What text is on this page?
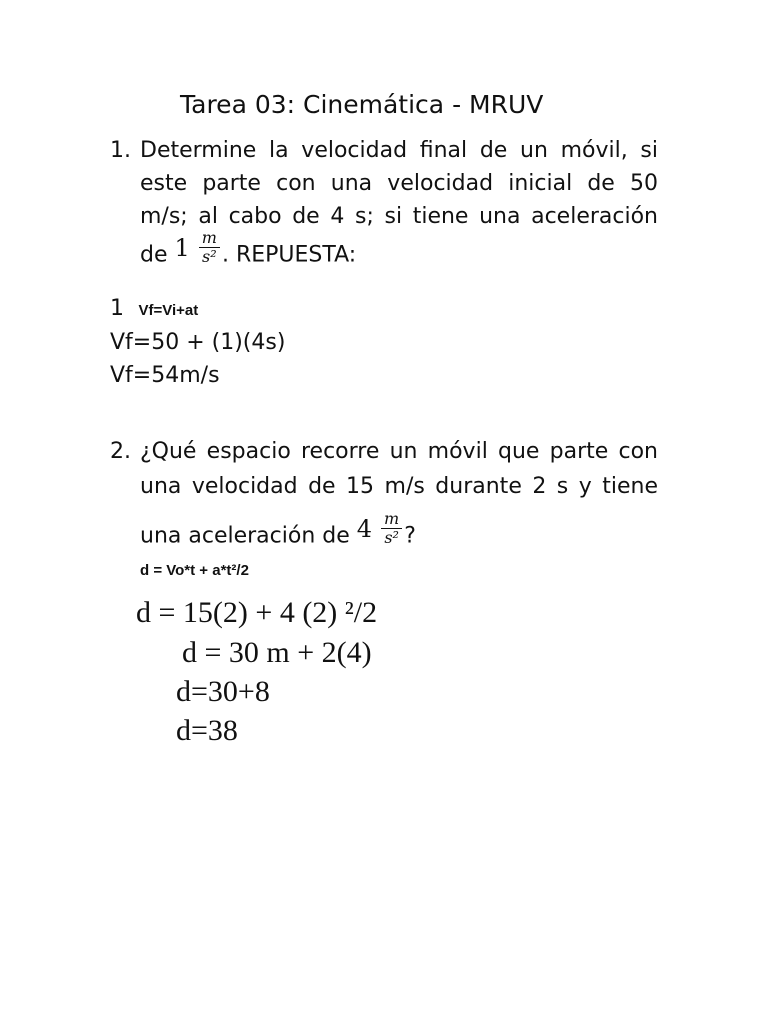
Tarea 03: Cinemática - MRUV
1. Determine la velocidad final de un móvil, si
este parte con una velocidad inicial de 50
m/s; al cabo de 4 s; si tiene una aceleración
de $1 \frac{m}{\text{s²}}$ . REPUESTA:
1 Vf=Vi+at
Vf=50 + (1)(4s)
Vf=54m/s
2. ¿Qué espacio recorre un móvil que parte con
una velocidad de 15 m/s durante 2 s y tiene
una aceleración de $4 \frac{m}{\text{s²}}$ ?
d = Vo*t + a*t²/2
d = 15(2) + 4 (2) ²/2
d = 30 m + 2(4)
d=30+8
d=38
